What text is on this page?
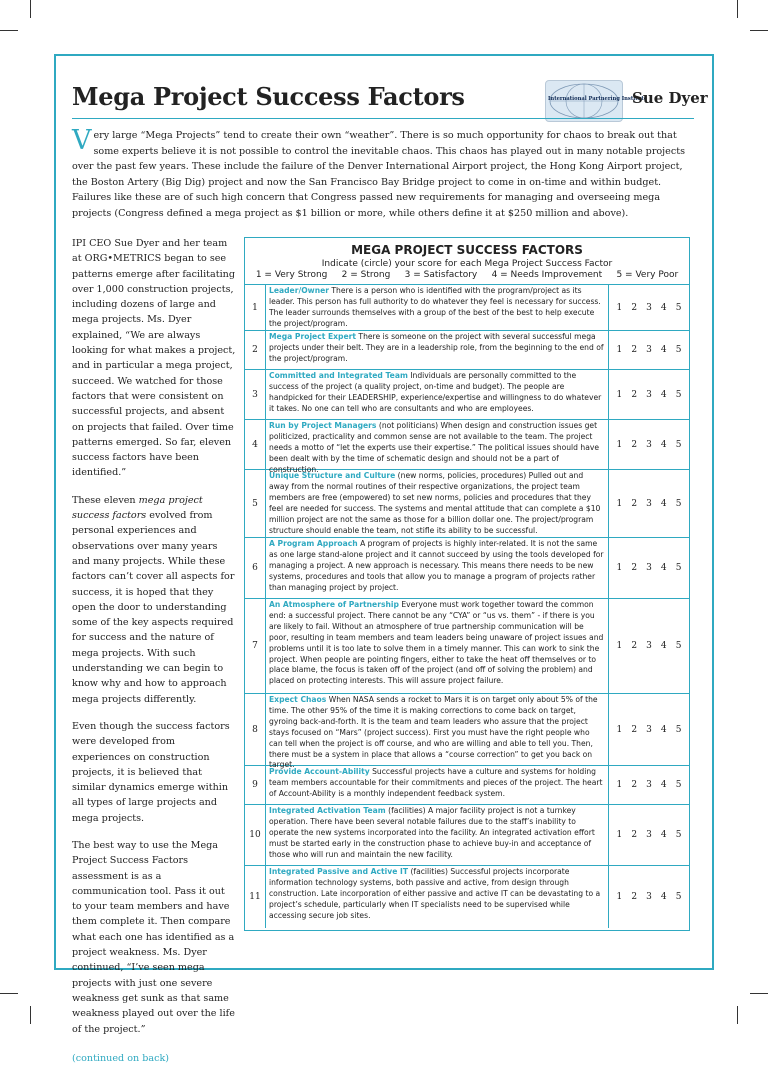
Mega Project Success Factors	International Partnering Institute
Sue Dyer
Very large “Mega Projects” tend to create their own “weather”. There is so much opportunity for chaos to break out that some experts believe it is not possible to control the inevitable chaos. This chaos has played out in many notable projects over the past few years. These include the failure of the Denver International Airport project, the Hong Kong Airport project, the Boston Artery (Big Dig) project and now the San Francisco Bay Bridge project to come in on-time and within budget. Failures like these are of such high concern that Congress passed new requirements for managing and overseeing mega projects (Congress defined a mega project as $1 billion or more, while others define it at $250 million and above).

IPI CEO Sue Dyer and her team at ORG•METRICS began to see patterns emerge after facilitating over 1,000 construction projects, including dozens of large and mega projects. Ms. Dyer explained, “We are always looking for what makes a project, and in particular a mega project, succeed. We watched for those factors that were consistent on successful projects, and absent on projects that failed. Over time patterns emerged. So far, eleven success factors have been identified.”

These eleven mega project success factors evolved from personal experiences and observations over many years and many projects. While these factors can’t cover all aspects for success, it is hoped that they open the door to understanding some of the key aspects required for success and the nature of mega projects. With such understanding we can begin to know why and how to approach mega projects differently.

Even though the success factors were developed from experiences on construction projects, it is believed that similar dynamics emerge within all types of large projects and mega projects.

The best way to use the Mega Project Success Factors assessment is as a communication tool. Pass it out to your team members and have them complete it. Then compare what each one has identified as a project weakness. Ms. Dyer continued, “I’ve seen mega projects with just one severe weakness get sunk as that same weakness played out over the life of the project.”

(continued on back)
MEGA PROJECT SUCCESS FACTORS
Indicate (circle) your score for each Mega Project Success Factor
1 = Very Strong     2 = Strong     3 = Satisfactory     4 = Needs Improvement     5 = Very Poor
1
Leader/Owner There is a person who is identified with the program/project as its leader. This person has full authority to do whatever they feel is necessary for success. The leader surrounds themselves with a group of the best of the best to help execute the project/program.
1	2	3	4	5
2
Mega Project Expert There is someone on the project with several successful mega projects under their belt. They are in a leadership role, from the beginning to the end of the project/program.
1	2	3	4	5
3
Committed and Integrated Team Individuals are personally committed to the success of the project (a quality project, on-time and budget). The people are handpicked for their LEADERSHIP, experience/expertise and willingness to do whatever it takes. No one can tell who are consultants and who are employees.
1	2	3	4	5
4
Run by Project Managers (not politicians) When design and construction issues get politicized, practicality and common sense are not available to the team. The project needs a motto of “let the experts use their expertise.” The political issues should have been dealt with by the time of schematic design and should not be a part of construction.
1	2	3	4	5
5
Unique Structure and Culture (new norms, policies, procedures) Pulled out and away from the normal routines of their respective organizations, the project team members are free (empowered) to set new norms, policies and procedures that they feel are needed for success. The systems and mental attitude that can complete a $10 million project are not the same as those for a billion dollar one. The project/program structure should enable the team, not stifle its ability to be successful.
1	2	3	4	5
6
A Program Approach A program of projects is highly inter-related. It is not the same as one large stand-alone project and it cannot succeed by using the tools developed for managing a project. A new approach is necessary. This means there needs to be new systems, procedures and tools that allow you to manage a program of projects rather than managing project by project.
1	2	3	4	5
7
An Atmosphere of Partnership Everyone must work together toward the common end: a successful project. There cannot be any “CYA” or “us vs. them” - if there is you are likely to fail. Without an atmosphere of true partnership communication will be poor, resulting in team members and team leaders being unaware of project issues and problems until it is too late to solve them in a timely manner. This can work to sink the project. When people are pointing fingers, either to take the heat off themselves or to place blame, the focus is taken off of the project (and off of solving the problem) and placed on protecting interests. This will assure project failure.
1	2	3	4	5
8
Expect Chaos When NASA sends a rocket to Mars it is on target only about 5% of the time. The other 95% of the time it is making corrections to come back on target, gyroing back-and-forth. It is the team and team leaders who assure that the project stays focused on “Mars” (project success). First you must have the right people who can tell when the project is off course, and who are willing and able to tell you. Then, there must be a system in place that allows a “course correction” to get you back on target.
1	2	3	4	5
9
Provide Account-Ability Successful projects have a culture and systems for holding team members accountable for their commitments and pieces of the project. The heart of Account-Ability is a monthly independent feedback system.
1	2	3	4	5
10
Integrated Activation Team (facilities) A major facility project is not a turnkey operation. There have been several notable failures due to the staff’s inability to operate the new systems incorporated into the facility. An integrated activation effort must be started early in the construction phase to achieve buy-in and acceptance of those who will run and maintain the new facility.
1	2	3	4	5
11
Integrated Passive and Active IT (facilities) Successful projects incorporate information technology systems, both passive and active, from design through construction. Late incorporation of either passive and active IT can be devastating to a project’s schedule, particularly when IT specialists need to be supervised while accessing secure job sites.
1	2	3	4	5
